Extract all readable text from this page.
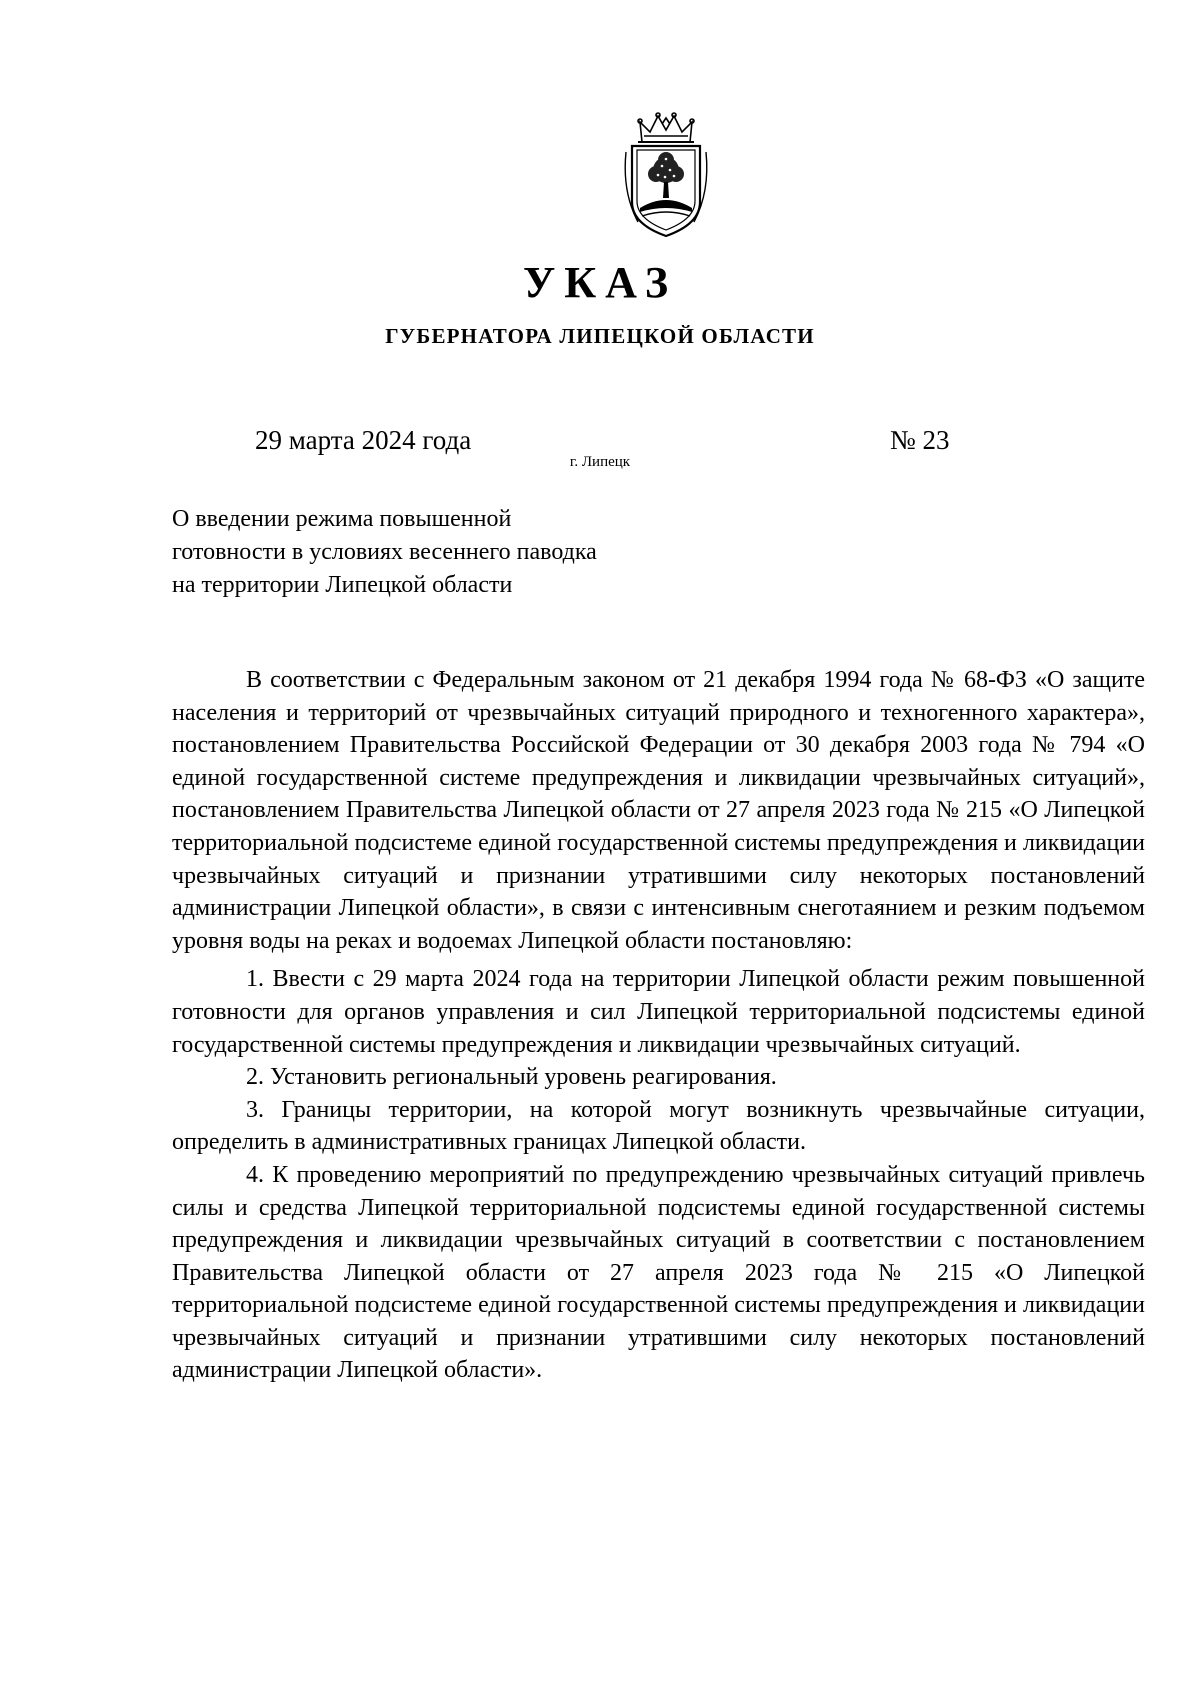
УКАЗ
ГУБЕРНАТОРА ЛИПЕЦКОЙ ОБЛАСТИ
29 марта 2024 года
г. Липецк
№ 23
О введении режима повышенной
готовности в условиях весеннего паводка
на территории Липецкой области

В соответствии с Федеральным законом от 21 декабря 1994 года № 68-ФЗ «О защите населения и территорий от чрезвычайных ситуаций природного и техногенного характера», постановлением Правительства Российской Федерации от 30 декабря 2003 года № 794 «О единой государственной системе предупреждения и ликвидации чрезвычайных ситуаций», постановлением Правительства Липецкой области от 27 апреля 2023 года № 215 «О Липецкой территориальной подсистеме единой государственной системы предупреждения и ликвидации чрезвычайных ситуаций и признании утратившими силу некоторых постановлений администрации Липецкой области», в связи с интенсивным снеготаянием и резким подъемом уровня воды на реках и водоемах Липецкой области постановляю:

1. Ввести с 29 марта 2024 года на территории Липецкой области режим повышенной готовности для органов управления и сил Липецкой территориальной подсистемы единой государственной системы предупреждения и ликвидации чрезвычайных ситуаций.

2. Установить региональный уровень реагирования.

3. Границы территории, на которой могут возникнуть чрезвычайные ситуации, определить в административных границах Липецкой области.

4. К проведению мероприятий по предупреждению чрезвычайных ситуаций привлечь силы и средства Липецкой территориальной подсистемы единой государственной системы предупреждения и ликвидации чрезвычайных ситуаций в соответствии с постановлением Правительства Липецкой области от 27 апреля 2023 года № 215 «О Липецкой территориальной подсистеме единой государственной системы предупреждения и ликвидации чрезвычайных ситуаций и признании утратившими силу некоторых постановлений администрации Липецкой области».
